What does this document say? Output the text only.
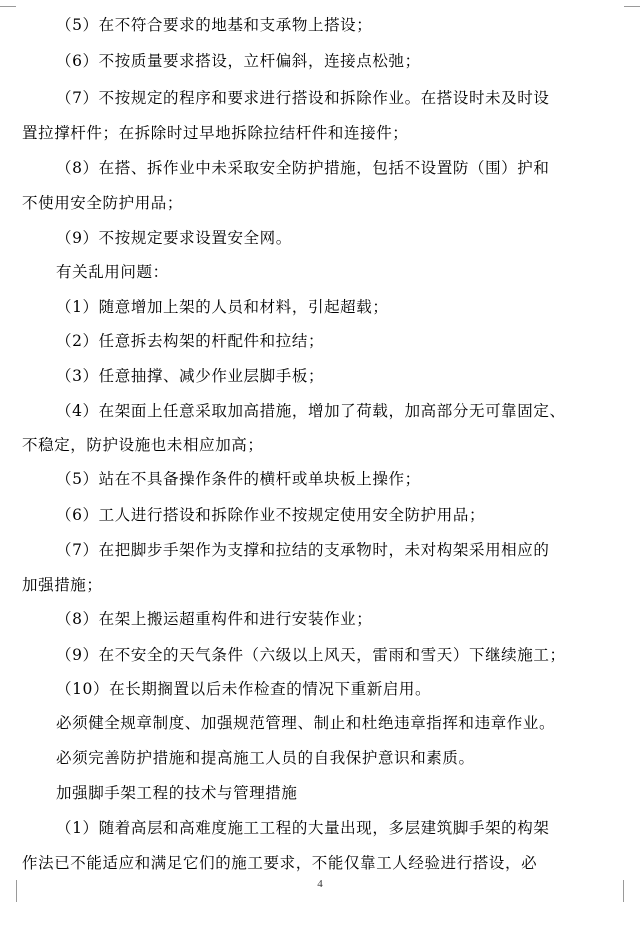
（5）在不符合要求的地基和支承物上搭设；
（6）不按质量要求搭设，立杆偏斜，连接点松弛；
（7）不按规定的程序和要求进行搭设和拆除作业。在搭设时未及时设
置拉撑杆件；在拆除时过早地拆除拉结杆件和连接件；
（8）在搭、拆作业中未采取安全防护措施，包括不设置防（围）护和
不使用安全防护用品；
（9）不按规定要求设置安全网。
有关乱用问题：
（1）随意增加上架的人员和材料，引起超载；
（2）任意拆去构架的杆配件和拉结；
（3）任意抽撑、减少作业层脚手板；
（4）在架面上任意采取加高措施，增加了荷载，加高部分无可靠固定、
不稳定，防护设施也未相应加高；
（5）站在不具备操作条件的横杆或单块板上操作；
（6）工人进行搭设和拆除作业不按规定使用安全防护用品；
（7）在把脚步手架作为支撑和拉结的支承物时，未对构架采用相应的
加强措施；
（8）在架上搬运超重构件和进行安装作业；
（9）在不安全的天气条件（六级以上风天，雷雨和雪天）下继续施工；
（10）在长期搁置以后未作检查的情况下重新启用。
必须健全规章制度、加强规范管理、制止和杜绝违章指挥和违章作业。
必须完善防护措施和提高施工人员的自我保护意识和素质。
加强脚手架工程的技术与管理措施
（1）随着高层和高难度施工工程的大量出现，多层建筑脚手架的构架
作法已不能适应和满足它们的施工要求，不能仅靠工人经验进行搭设，必
4
